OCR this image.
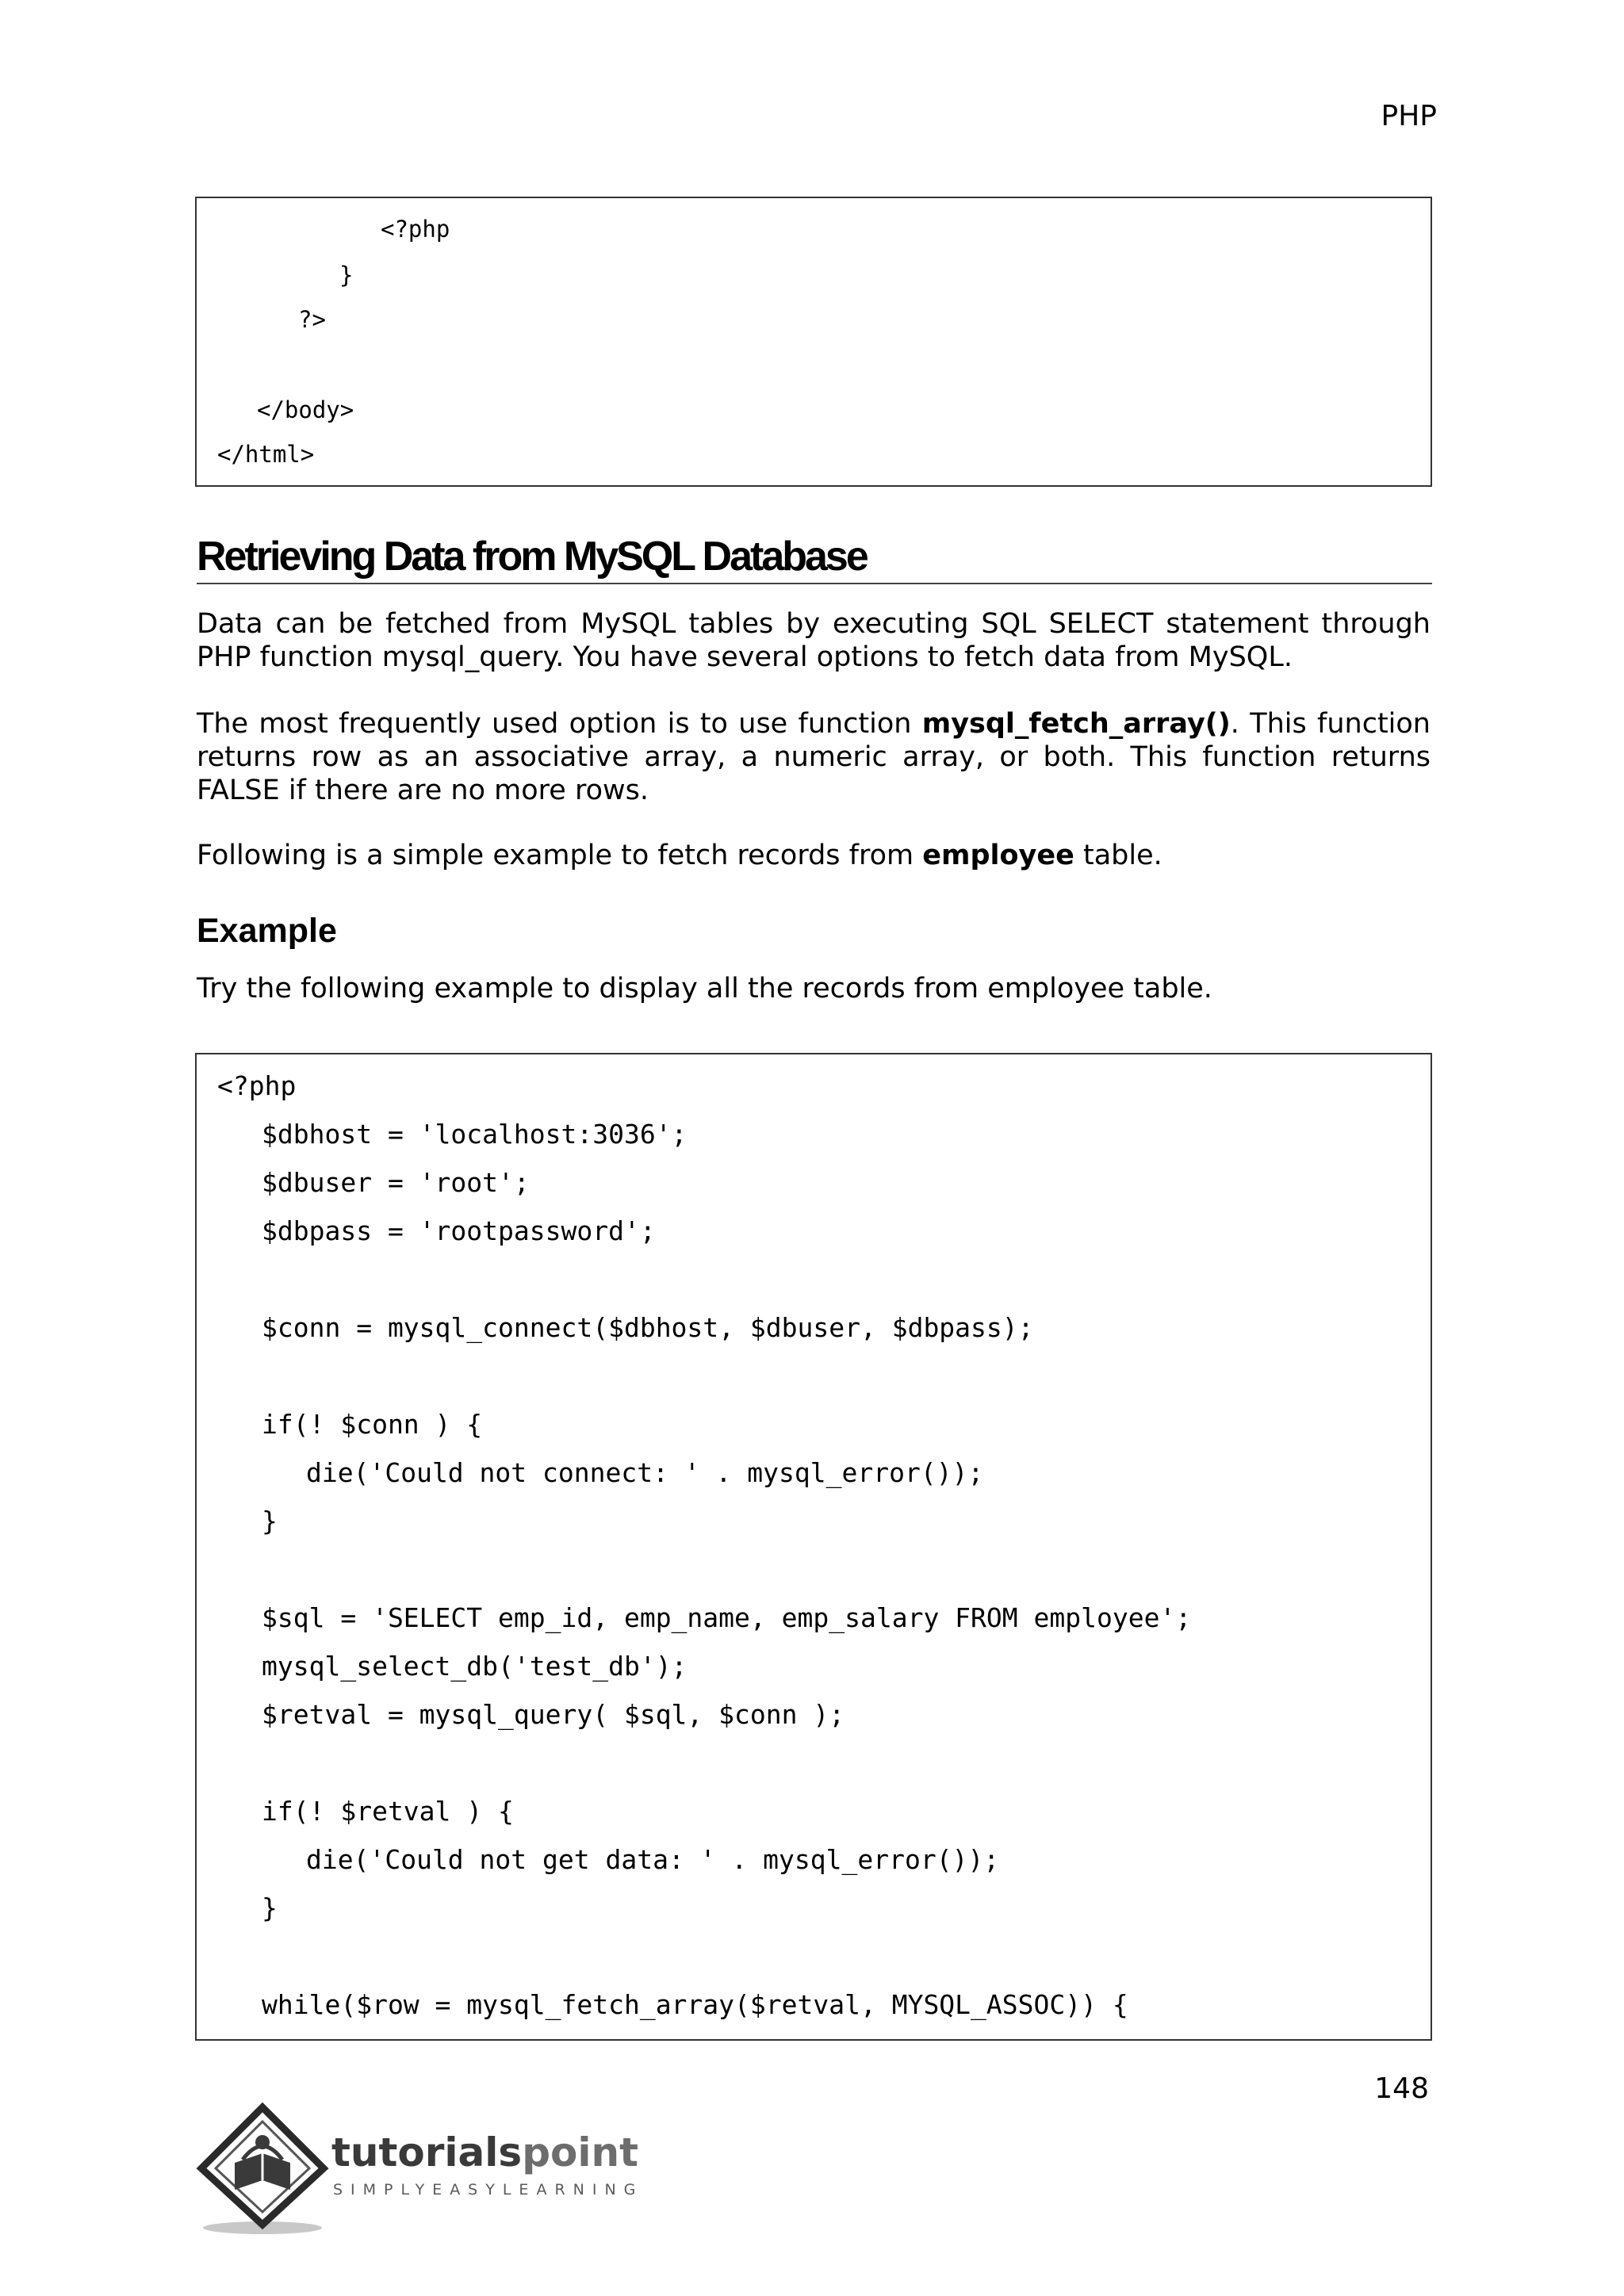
PHP
<?php
}
?>
</body>
</html>
Retrieving Data from MySQL Database
Data can be fetched from MySQL tables by executing SQL SELECT statement through PHP function mysql_query. You have several options to fetch data from MySQL.
The most frequently used option is to use function mysql_fetch_array(). This function returns row as an associative array, a numeric array, or both. This function returns FALSE if there are no more rows.
Following is a simple example to fetch records from employee table.
Example
Try the following example to display all the records from employee table.
<?php
$dbhost = 'localhost:3036';
$dbuser = 'root';
$dbpass = 'rootpassword';
$conn = mysql_connect($dbhost, $dbuser, $dbpass);
if(! $conn ) {
die('Could not connect: ' . mysql_error());
}
$sql = 'SELECT emp_id, emp_name, emp_salary FROM employee';
mysql_select_db('test_db');
$retval = mysql_query( $sql, $conn );
if(! $retval ) {
die('Could not get data: ' . mysql_error());
}
while($row = mysql_fetch_array($retval, MYSQL_ASSOC)) {
148
tutorialspoint
SIMPLYEASYLEARNING
